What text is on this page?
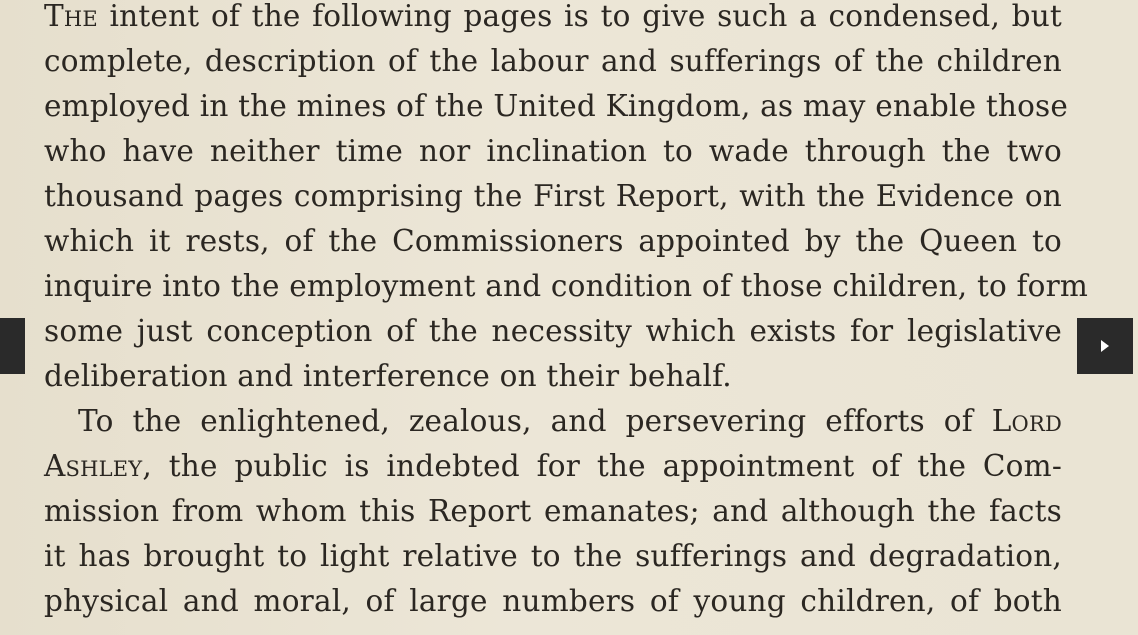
The intent of the following pages is to give such a condensed, but
complete, description of the labour and sufferings of the children
employed in the mines of the United Kingdom, as may enable those
who have neither time nor inclination to wade through the two
thousand pages comprising the First Report, with the Evidence on
which it rests, of the Commissioners appointed by the Queen to
inquire into the employment and condition of those children, to form
some just conception of the necessity which exists for legislative
deliberation and interference on their behalf.
To the enlightened, zealous, and persevering efforts of Lord
Ashley, the public is indebted for the appointment of the Com-
mission from whom this Report emanates; and although the facts
it has brought to light relative to the sufferings and degradation,
physical and moral, of large numbers of young children, of both
